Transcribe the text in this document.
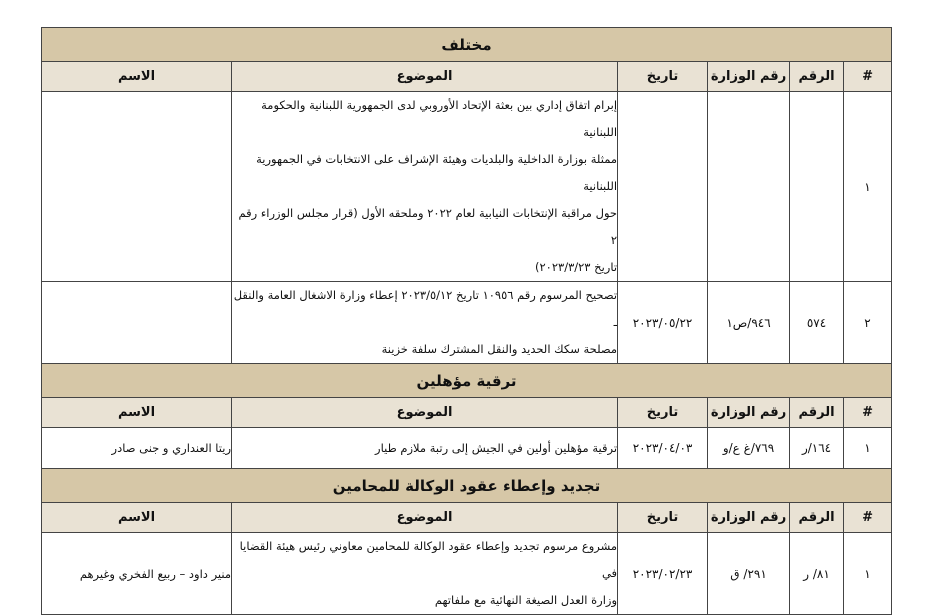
مختلف					
#	الرقم	رقم الوزارة	تاريخ	الموضوع	الاسم
١				إبرام اتفاق إداري بين بعثة الإتحاد الأوروبي لدى الجمهورية اللبنانية والحكومة اللبنانية
ممثلة بوزارة الداخلية والبلديات وهيئة الإشراف على الانتخابات في الجمهورية اللبنانية
حول مراقبة الإنتخابات النيابية لعام ٢٠٢٢ وملحقه الأول (قرار مجلس الوزراء رقم ٢
تاريخ ٢٠٢٣/٣/٢٣)	

٢	٥٧٤	٩٤٦/ص١	٢٠٢٣/٠٥/٢٢	تصحيح المرسوم رقم ١٠٩٥٦ تاريخ ٢٠٢٣/٥/١٢ إعطاء وزارة الاشغال العامة والنقل ـ
مصلحة سكك الحديد والنقل المشترك سلفة خزينة	

ترقية مؤهلين					
#	الرقم	رقم الوزارة	تاريخ	الموضوع	الاسم
١	١٦٤/ر	٧٦٩/غ ع/و	٢٠٢٣/٠٤/٠٣	ترقية مؤهلين أولين في الجيش إلى رتبة ملازم طيار	ريتا العنداري و جنى صادر
تجديد وإعطاء عقود الوكالة للمحامين					
#	الرقم	رقم الوزارة	تاريخ	الموضوع	الاسم
١	٨١/ ر	٢٩١/ ق	٢٠٢٣/٠٢/٢٣	مشروع مرسوم تجديد وإعطاء عقود الوكالة للمحامين معاوني رئيس هيئة القضايا في
وزارة العدل الصيغة النهائية مع ملفاتهم	منير داود – ربيع الفخري وغيرهم
